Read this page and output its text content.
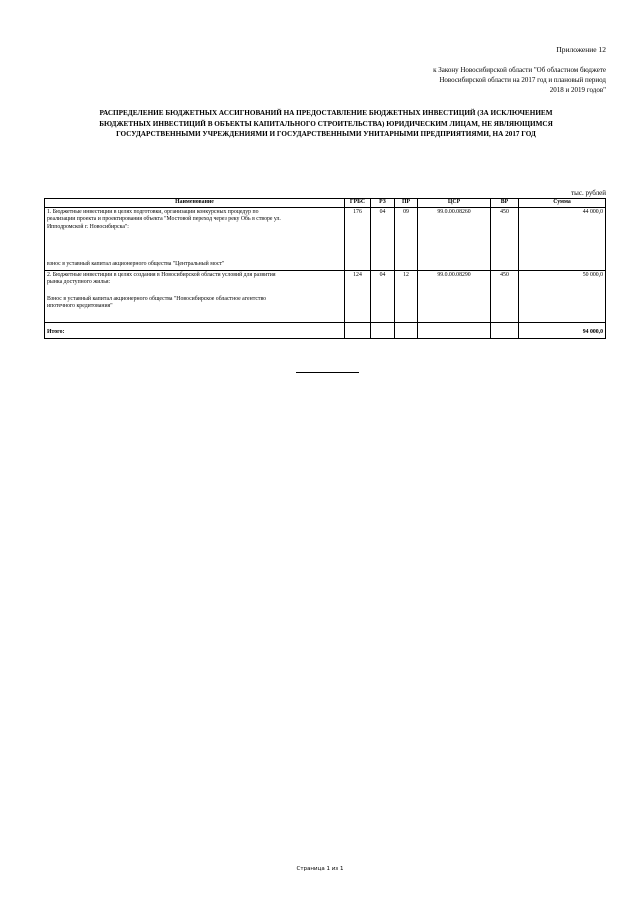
Приложение 12
к Закону Новосибирской области "Об областном бюджете
Новосибирской области на 2017 год и плановый период
2018 и 2019 годов"
РАСПРЕДЕЛЕНИЕ БЮДЖЕТНЫХ АССИГНОВАНИЙ НА ПРЕДОСТАВЛЕНИЕ БЮДЖЕТНЫХ ИНВЕСТИЦИЙ (ЗА ИСКЛЮЧЕНИЕМ
БЮДЖЕТНЫХ ИНВЕСТИЦИЙ В ОБЪЕКТЫ КАПИТАЛЬНОГО СТРОИТЕЛЬСТВА) ЮРИДИЧЕСКИМ ЛИЦАМ, НЕ ЯВЛЯЮЩИМСЯ
ГОСУДАРСТВЕННЫМИ УЧРЕЖДЕНИЯМИ И ГОСУДАРСТВЕННЫМИ УНИТАРНЫМИ ПРЕДПРИЯТИЯМИ, НА 2017 ГОД
тыс. рублей
Наименование	ГРБС	РЗ	ПР	ЦСР	ВР	Сумма

1. Бюджетные инвестиции в целях подготовки, организации конкурсных процедур по
реализации проекта и проектирования объекта "Мостовой переход через реку Обь в створе ул.
Ипподромской г. Новосибирска":
взнос в уставный капитал акционерного общества "Центральный мост"	176	04	09	99.0.00.08260	450	44 000,0

2. Бюджетные инвестиции в целях создания в Новосибирской области условий для развития
рынка доступного жилья:
Взнос в уставный капитал акционерного общества "Новосибирское областное агентство
ипотечного кредитования"	124	04	12	99.0.00.08290	450	50 000,0
Итого:						94 000,0
Страница 1 из 1
